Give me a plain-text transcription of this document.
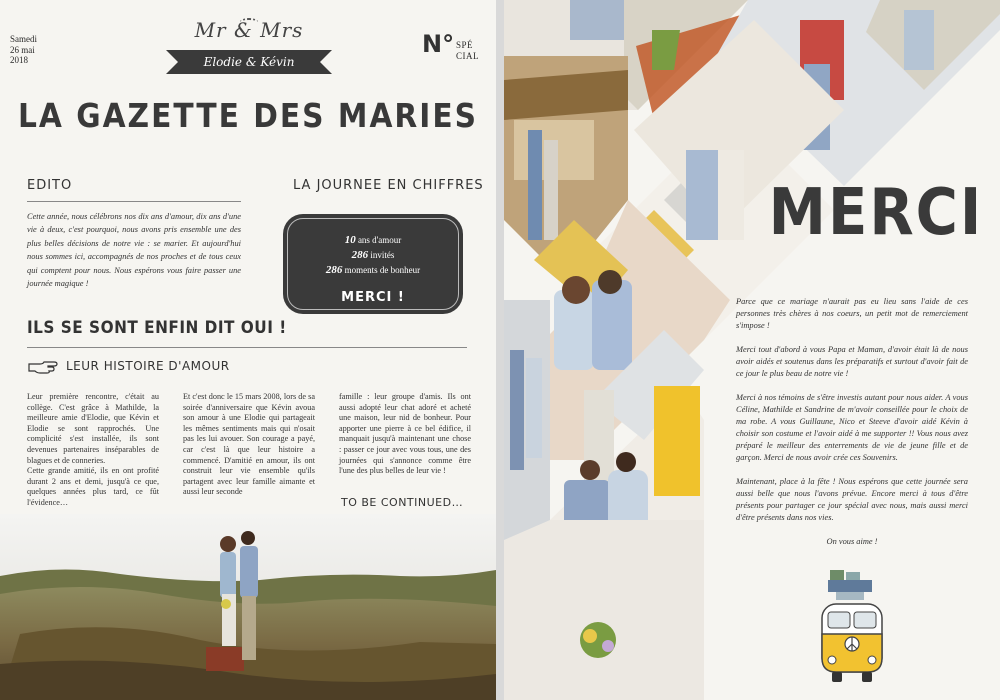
Samedi
26 mai
2018
Mr & Mrs
Elodie & Kévin
N° SPÉ
CIAL
LA GAZETTE DES MARIES
EDITO
Cette année, nous célébrons nos dix ans d'amour, dix ans d'une vie à deux, c'est pourquoi, nous avons pris ensemble une des plus belles décisions de notre vie : se marier. Et aujourd'hui nous sommes ici, accompagnés de nos proches et de tous ceux qui comptent pour nous. Nous espérons vous faire passer une journée magique !
LA JOURNEE EN CHIFFRES
10 ans d'amour
286 invités
286 moments de bonheur
MERCI !
ILS SE SONT ENFIN DIT OUI !
LEUR HISTOIRE D'AMOUR

Leur première rencontre, c'était au collège. C'est grâce à Mathilde, la meilleure amie d'Elodie, que Kévin et Elodie se sont rapprochés. Une complicité s'est installée, ils sont devenues partenaires inséparables de blagues et de conneries.

Cette grande amitié, ils en ont profité durant 2 ans et demi, jusqu'à ce que, quelques années plus tard, ce fût l'évidence…

Et c'est donc le 15 mars 2008, lors de sa soirée d'anniversaire que Kévin avoua son amour à une Elodie qui partageait les mêmes sentiments mais qui n'osait pas les lui avouer. Son courage a payé, car c'est là que leur histoire a commencé. D'amitié en amour, ils ont construit leur vie ensemble qu'ils partagent avec leur famille aimante et aussi leur seconde

famille : leur groupe d'amis. Ils ont aussi adopté leur chat adoré et acheté une maison, leur nid de bonheur. Pour apporter une pierre à ce bel édifice, il manquait jusqu'à maintenant une chose : passer ce jour avec vous tous, une des journées qui s'annonce comme être l'une des plus belles de leur vie !

TO BE CONTINUED…
MERCI

Parce que ce mariage n'aurait pas eu lieu sans l'aide de ces personnes très chères à nos coeurs, un petit mot de remerciement s'impose !

Merci tout d'abord à vous Papa et Maman, d'avoir était là de nous avoir aidés et soutenus dans les préparatifs et surtout d'avoir fait de ce jour le plus beau de notre vie !

Merci à nos témoins de s'être investis autant pour nous aider. A vous Céline, Mathilde et Sandrine de m'avoir conseillée pour le choix de ma robe. A vous Guillaune, Nico et Steeve d'avoir aidé Kévin à choisir son costume et l'avoir aidé à me supporter !! Vous nous avez préparé le meilleur des enterrements de vie de jeune fille et de garçon. Merci de nous avoir crée ces Souvenirs.

Maintenant, place à la fête ! Nous espérons que cette journée sera aussi belle que nous l'avons prévue. Encore merci à tous d'être présents pour partager ce jour spécial avec nous, mais aussi merci d'être présents dans nos vies.

On vous aime !
